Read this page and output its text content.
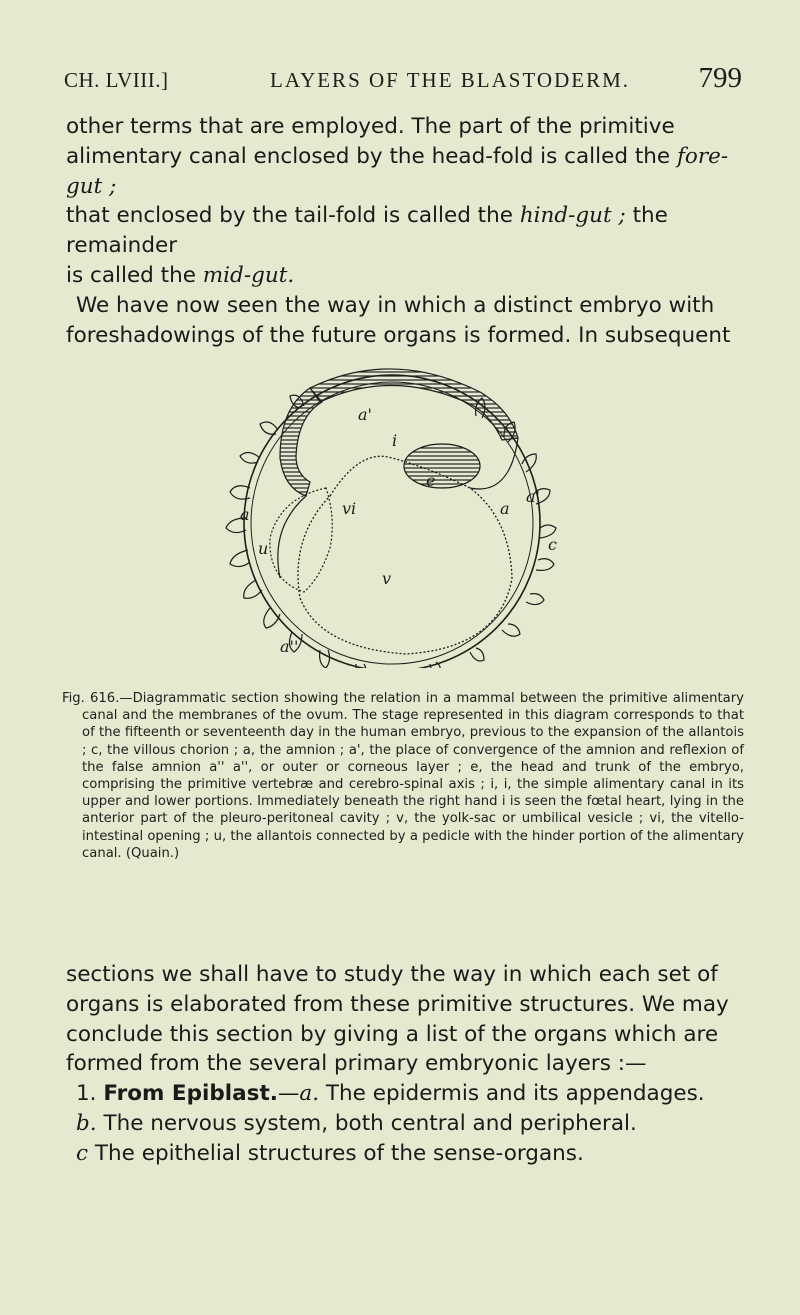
CH. LVIII.]	LAYERS OF THE BLASTODERM. 799

other terms that are employed. The part of the primitive

alimentary canal enclosed by the head-fold is called the fore-gut ;

that enclosed by the tail-fold is called the hind-gut ; the remainder

is called the mid-gut.

We have now seen the way in which a distinct embryo with

foreshadowings of the future organs is formed. In subsequent

a	a
a'
a'
a''
e
i
vi
u
v
c
Fig. 616.—Diagrammatic section showing the relation in a mammal between the primitive alimentary canal and the membranes of the ovum. The stage represented in this diagram corresponds to that of the fifteenth or seventeenth day in the human embryo, previous to the expansion of the allantois ; c, the villous chorion ; a, the amnion ; a', the place of convergence of the amnion and reflexion of the false amnion a'' a'', or outer or corneous layer ; e, the head and trunk of the embryo, comprising the primitive vertebræ and cerebro-spinal axis ; i, i, the simple alimentary canal in its upper and lower portions. Immediately beneath the right hand i is seen the fœtal heart, lying in the anterior part of the pleuro-peritoneal cavity ; v, the yolk-sac or umbilical vesicle ; vi, the vitello-intestinal opening ; u, the allantois connected by a pedicle with the hinder portion of the alimentary canal. (Quain.)

sections we shall have to study the way in which each set of

organs is elaborated from these primitive structures. We may

conclude this section by giving a list of the organs which are

formed from the several primary embryonic layers :—

1. From Epiblast.—a. The epidermis and its appendages.

b. The nervous system, both central and peripheral.

c The epithelial structures of the sense-organs.
